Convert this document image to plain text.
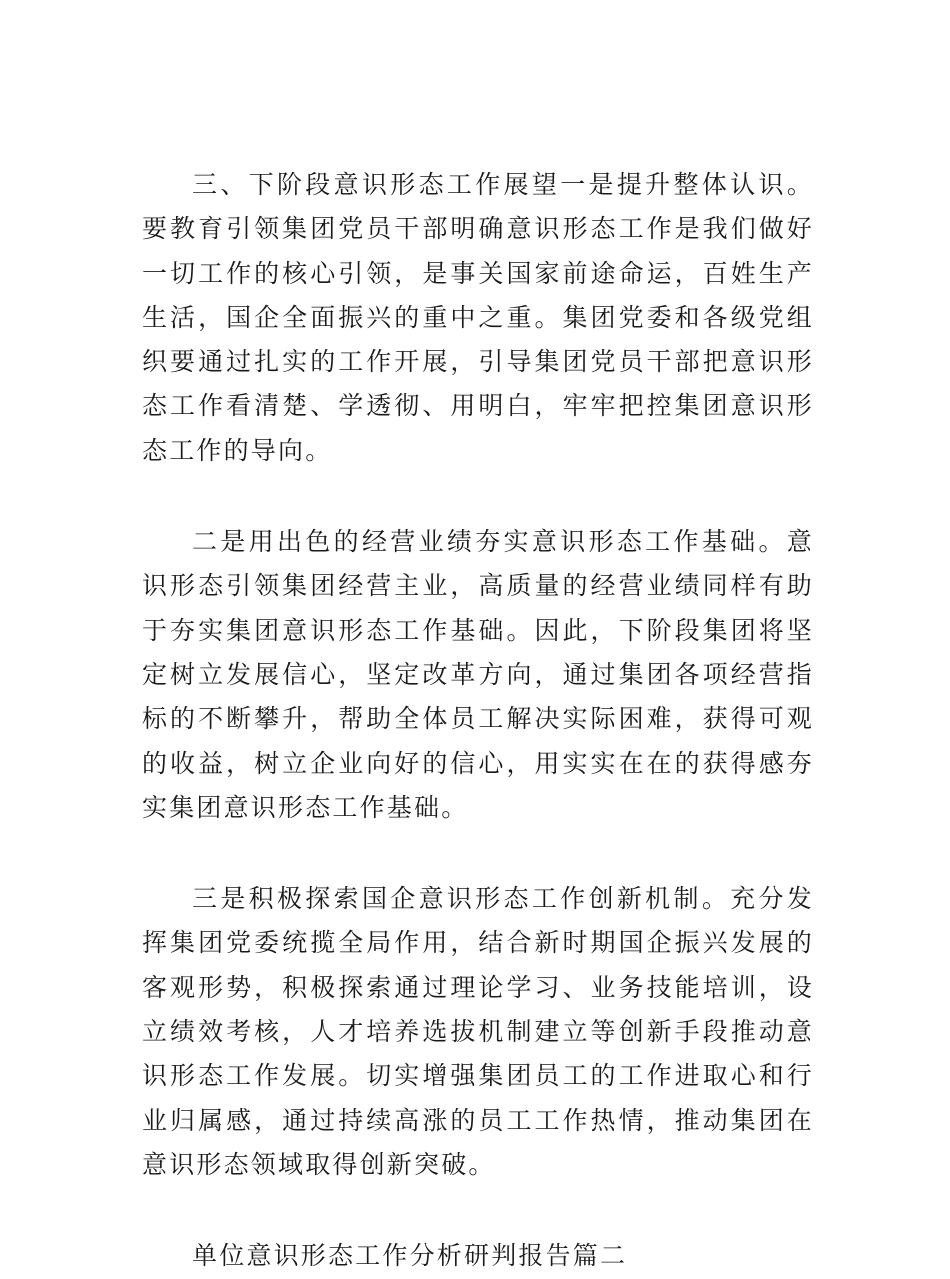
三、下阶段意识形态工作展望一是提升整体认识。要教育引领集团党员干部明确意识形态工作是我们做好一切工作的核心引领，是事关国家前途命运，百姓生产生活，国企全面振兴的重中之重。集团党委和各级党组织要通过扎实的工作开展，引导集团党员干部把意识形态工作看清楚、学透彻、用明白，牢牢把控集团意识形态工作的导向。

二是用出色的经营业绩夯实意识形态工作基础。意识形态引领集团经营主业，高质量的经营业绩同样有助于夯实集团意识形态工作基础。因此，下阶段集团将坚定树立发展信心，坚定改革方向，通过集团各项经营指标的不断攀升，帮助全体员工解决实际困难，获得可观的收益，树立企业向好的信心，用实实在在的获得感夯实集团意识形态工作基础。

三是积极探索国企意识形态工作创新机制。充分发挥集团党委统揽全局作用，结合新时期国企振兴发展的客观形势，积极探索通过理论学习、业务技能培训，设立绩效考核，人才培养选拔机制建立等创新手段推动意识形态工作发展。切实增强集团员工的工作进取心和行业归属感，通过持续高涨的员工工作热情，推动集团在意识形态领域取得创新突破。

单位意识形态工作分析研判报告篇二
